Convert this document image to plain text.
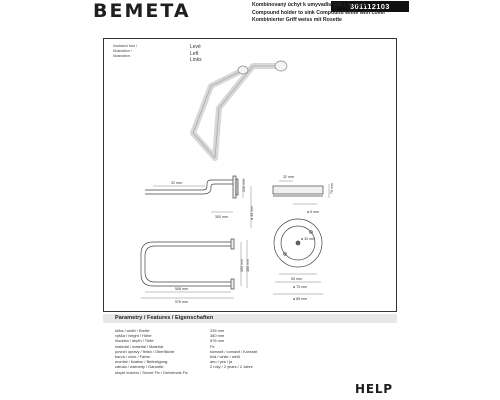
BEMETA	301112103
Kombinovaný úchyt k umyvadlu bílé s krytkou
Compound holder to sink Compound white with cover
Kombinierter Griff weiss mit Rosette
Ilustrační foto /
Illustration /
Illustration:
Levé
Left
Links
32 mm	140 mm
300 mm	ø 35 mm
300 mm 380 mm
508 mm
576 mm
32 mm
70 mm
ø 6 mm
ø 30 mm
55 mm
ø 75 mm
ø 85 mm
Parametry / Features / Eigenschaften
šířka / width / Breite:	235 mm
výška / height / Höhe:	380 mm
hloubka / depth / Tiefe:	576 mm
materiál / material / Material:	Fe
povrch úpravy / finish / Oberfläche:	komaxit / comaxit / Komaxit
barva / color / Farbe:	bílá / white / weiß
montáž / fixation / Befestigung:	ano / yes / ja
záruka / warranty / Garantie:	2 roky / 2 years / 2 Jahre
skryté kotvení / Secret Fix / Geheimnis Fix
HELP
